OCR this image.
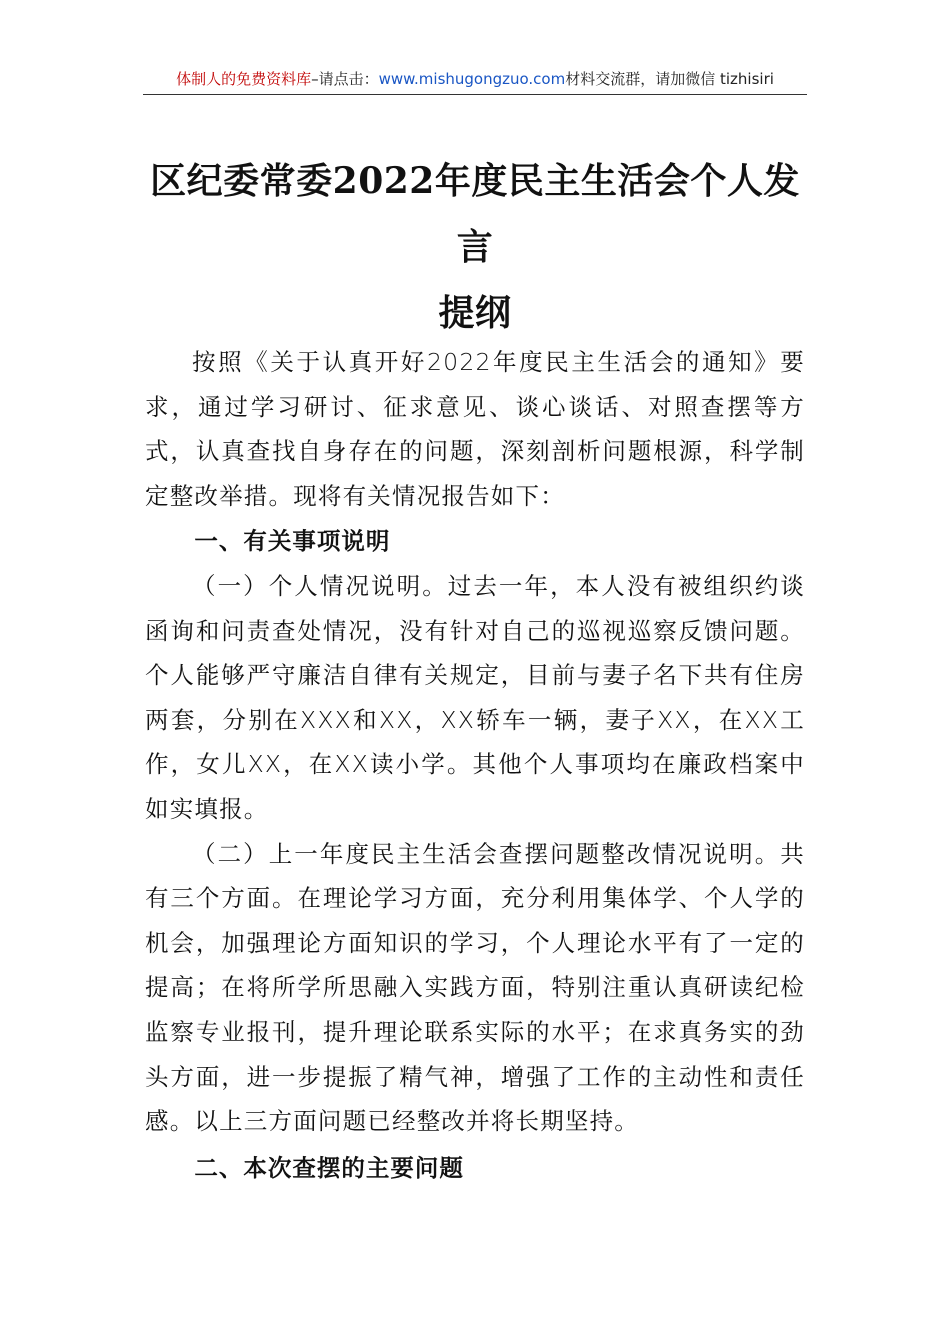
体制人的免费资料库–请点击：www.mishugongzuo.com材料交流群，请加微信 tizhisiri
区纪委常委2022年度民主生活会个人发言
提纲

按照《关于认真开好2022年度民主生活会的通知》要求，通过学习研讨、征求意见、谈心谈话、对照查摆等方式，认真查找自身存在的问题，深刻剖析问题根源，科学制定整改举措。现将有关情况报告如下：

一、有关事项说明

（一）个人情况说明。过去一年，本人没有被组织约谈函询和问责查处情况，没有针对自己的巡视巡察反馈问题。个人能够严守廉洁自律有关规定，目前与妻子名下共有住房两套，分别在XXX和XX，XX轿车一辆，妻子XX，在XX工作，女儿XX，在XX读小学。其他个人事项均在廉政档案中如实填报。

（二）上一年度民主生活会查摆问题整改情况说明。共有三个方面。在理论学习方面，充分利用集体学、个人学的机会，加强理论方面知识的学习，个人理论水平有了一定的提高；在将所学所思融入实践方面，特别注重认真研读纪检监察专业报刊，提升理论联系实际的水平；在求真务实的劲头方面，进一步提振了精气神，增强了工作的主动性和责任感。以上三方面问题已经整改并将长期坚持。

二、本次查摆的主要问题
